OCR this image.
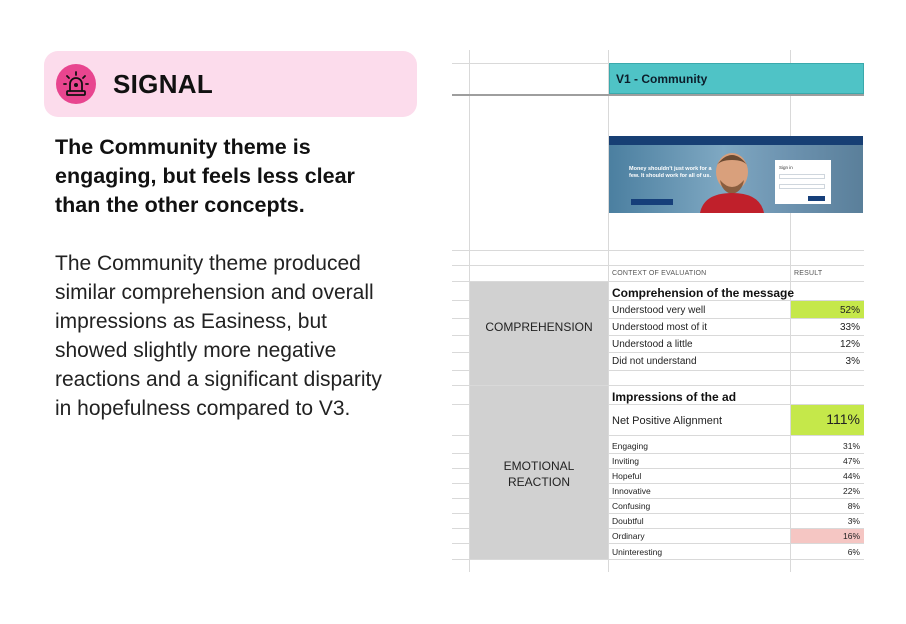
SIGNAL
The Community theme is engaging, but feels less clear than the other concepts.
The Community theme produced similar comprehension and overall impressions as Easiness, but showed slightly more negative reactions and a significant disparity in hopefulness compared to V3.
V1 - Community
Money shouldn't just work for a few. It should work for all of us.
Sign in
CONTEXT OF EVALUATION	RESULT
COMPREHENSION
Comprehension of the message
Understood very well	52%
Understood most of it	33%
Understood a little	12%
Did not understand	3%
EMOTIONAL
REACTION
Impressions of the ad
Net Positive Alignment	111%
Engaging	31%
Inviting	47%
Hopeful	44%
Innovative	22%
Confusing	8%
Doubtful	3%
Ordinary	16%
Uninteresting	6%
